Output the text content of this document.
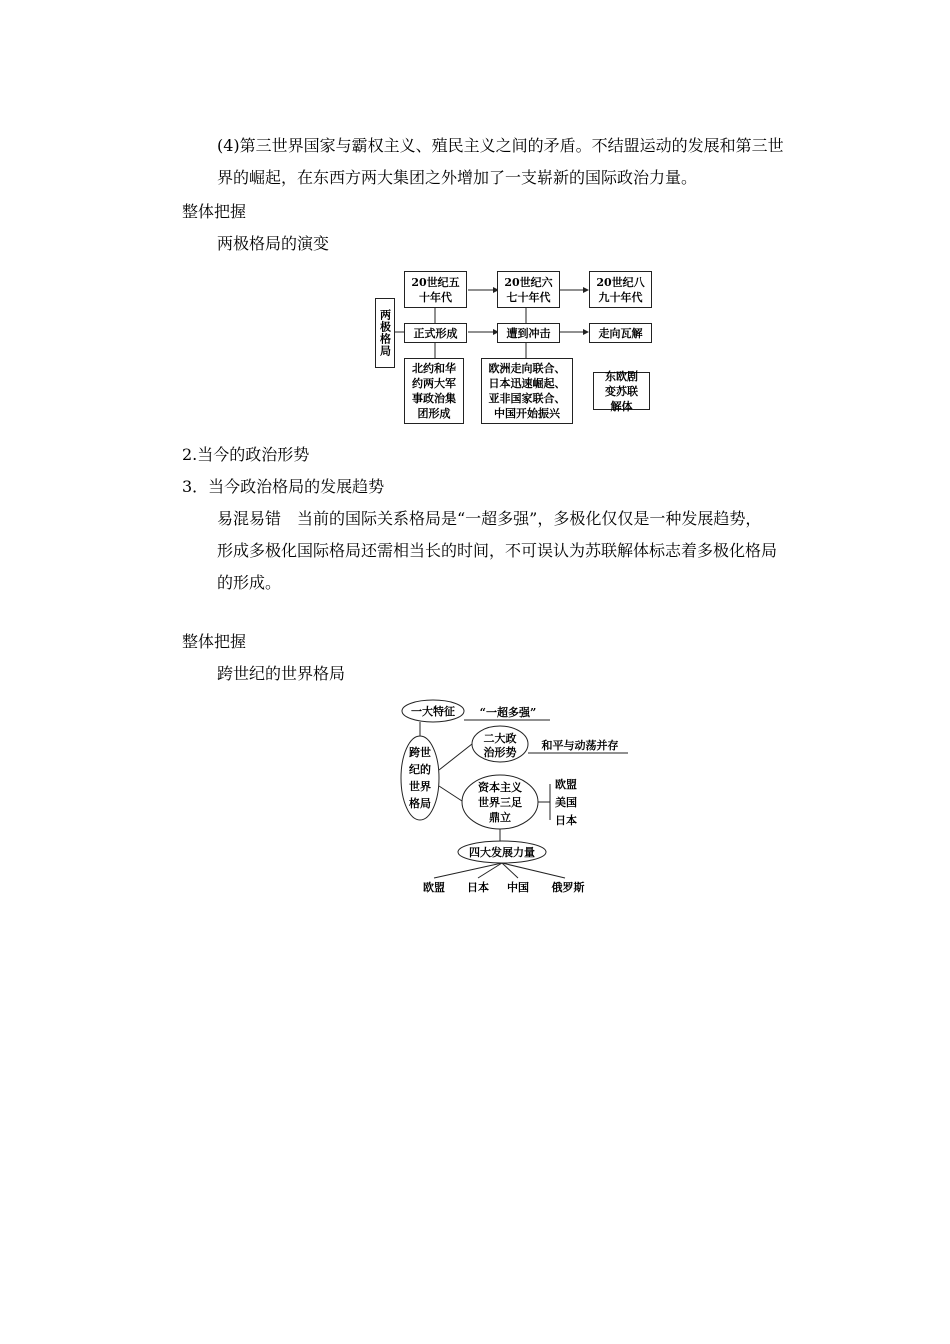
(4)第三世界国家与霸权主义、殖民主义之间的矛盾。不结盟运动的发展和第三世
界的崛起，在东西方两大集团之外增加了一支崭新的国际政治力量。
整体把握
两极格局的演变
两极格局
20世纪五十年代
20世纪六七十年代
20世纪八九十年代
正式形成	遭到冲击	走向瓦解
北约和华约两大军事政治集团形成
欧洲走向联合、日本迅速崛起、亚非国家联合、中国开始振兴
东欧剧变苏联解体
2.当今的政治形势
3．当今政治格局的发展趋势
易混易错　当前的国际关系格局是“一超多强”，多极化仅仅是一种发展趋势，
形成多极化国际格局还需相当长的时间，不可误认为苏联解体标志着多极化格局
的形成。
整体把握
跨世纪的世界格局
一大特征 “一超多强”
跨世
纪的
世界
格局
二大政
治形势
和平与动荡并存
资本主义
世界三足
鼎立
欧盟
美国
日本
四大发展力量
欧盟 日本 中国 俄罗斯
